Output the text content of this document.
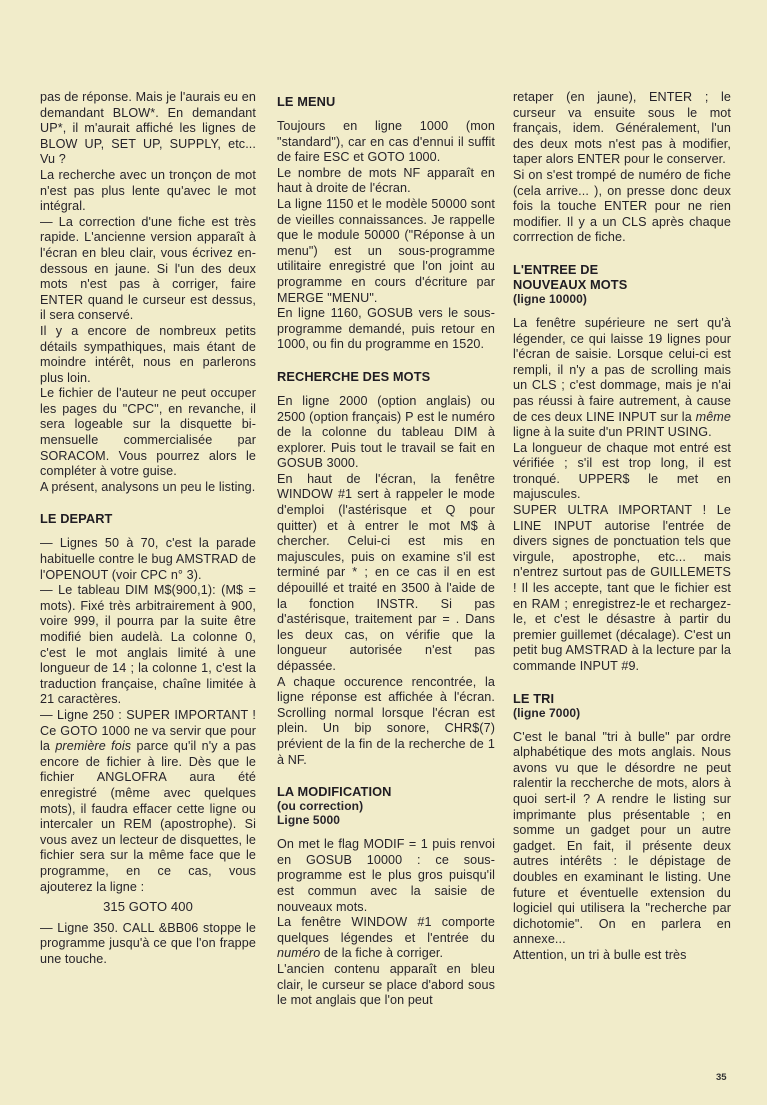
pas de réponse. Mais je l'aurais eu en demandant BLOW*. En demandant UP*, il m'aurait affiché les lignes de BLOW UP, SET UP, SUPPLY, etc... Vu ?

La recherche avec un tronçon de mot n'est pas plus lente qu'avec le mot intégral.

— La correction d'une fiche est très rapide. L'ancienne version apparaît à l'écran en bleu clair, vous écrivez en-dessous en jaune. Si l'un des deux mots n'est pas à corriger, faire ENTER quand le curseur est dessus, il sera conservé.

Il y a encore de nombreux petits détails sympathiques, mais étant de moindre intérêt, nous en parlerons plus loin.

Le fichier de l'auteur ne peut occuper les pages du "CPC", en revanche, il sera logeable sur la disquette bi-mensuelle commercialisée par SORACOM. Vous pourrez alors le compléter à votre guise.

A présent, analysons un peu le listing.

LE DEPART

— Lignes 50 à 70, c'est la parade habituelle contre le bug AMSTRAD de l'OPENOUT (voir CPC n° 3).

— Le tableau DIM M$(900,1): (M$ = mots). Fixé très arbitrairement à 900, voire 999, il pourra par la suite être modifié bien audelà. La colonne 0, c'est le mot anglais limité à une longueur de 14 ; la colonne 1, c'est la traduction française, chaîne limitée à 21 caractères.

— Ligne 250 : SUPER IMPORTANT ! Ce GOTO 1000 ne va servir que pour la première fois parce qu'il n'y a pas encore de fichier à lire. Dès que le fichier ANGLOFRA aura été enregistré (même avec quelques mots), il faudra effacer cette ligne ou intercaler un REM (apostrophe). Si vous avez un lecteur de disquettes, le fichier sera sur la même face que le programme, en ce cas, vous ajouterez la ligne :

315 GOTO 400

— Ligne 350. CALL &BB06 stoppe le programme jusqu'à ce que l'on frappe une touche.

LE MENU

Toujours en ligne 1000 (mon "standard"), car en cas d'ennui il suffit de faire ESC et GOTO 1000.

Le nombre de mots NF apparaît en haut à droite de l'écran.

La ligne 1150 et le modèle 50000 sont de vieilles connaissances. Je rappelle que le module 50000 ("Réponse à un menu") est un sous-programme utilitaire enregistré que l'on joint au programme en cours d'écriture par MERGE "MENU".

En ligne 1160, GOSUB vers le sous-programme demandé, puis retour en 1000, ou fin du programme en 1520.

RECHERCHE DES MOTS

En ligne 2000 (option anglais) ou 2500 (option français) P est le numéro de la colonne du tableau DIM à explorer. Puis tout le travail se fait en GOSUB 3000.

En haut de l'écran, la fenêtre WINDOW #1 sert à rappeler le mode d'emploi (l'astérisque et Q pour quitter) et à entrer le mot M$ à chercher. Celui-ci est mis en majuscules, puis on examine s'il est terminé par * ; en ce cas il en est dépouillé et traité en 3500 à l'aide de la fonction INSTR. Si pas d'astérisque, traitement par = . Dans les deux cas, on vérifie que la longueur autorisée n'est pas dépassée.

A chaque occurence rencontrée, la ligne réponse est affichée à l'écran. Scrolling normal lorsque l'écran est plein. Un bip sonore, CHR$(7) prévient de la fin de la recherche de 1 à NF.

LA MODIFICATION

(ou correction)

Ligne 5000

On met le flag MODIF = 1 puis renvoi en GOSUB 10000 : ce sous-programme est le plus gros puisqu'il est commun avec la saisie de nouveaux mots.

La fenêtre WINDOW #1 comporte quelques légendes et l'entrée du numéro de la fiche à corriger.

L'ancien contenu apparaît en bleu clair, le curseur se place d'abord sous le mot anglais que l'on peut

retaper (en jaune), ENTER ; le curseur va ensuite sous le mot français, idem. Généralement, l'un des deux mots n'est pas à modifier, taper alors ENTER pour le conserver.

Si on s'est trompé de numéro de fiche (cela arrive... ), on presse donc deux fois la touche ENTER pour ne rien modifier. Il y a un CLS après chaque corrrection de fiche.

L'ENTREE DE

NOUVEAUX MOTS

(ligne 10000)

La fenêtre supérieure ne sert qu'à légender, ce qui laisse 19 lignes pour l'écran de saisie. Lorsque celui-ci est rempli, il n'y a pas de scrolling mais un CLS ; c'est dommage, mais je n'ai pas réussi à faire autrement, à cause de ces deux LINE INPUT sur la même ligne à la suite d'un PRINT USING.

La longueur de chaque mot entré est vérifiée ; s'il est trop long, il est tronqué. UPPER$ le met en majuscules.

SUPER ULTRA IMPORTANT ! Le LINE INPUT autorise l'entrée de divers signes de ponctuation tels que virgule, apostrophe, etc... mais n'entrez surtout pas de GUILLEMETS ! Il les accepte, tant que le fichier est en RAM ; enregistrez-le et rechargez-le, et c'est le désastre à partir du premier guillemet (décalage). C'est un petit bug AMSTRAD à la lecture par la commande INPUT #9.

LE TRI

(ligne 7000)

C'est le banal "tri à bulle" par ordre alphabétique des mots anglais. Nous avons vu que le désordre ne peut ralentir la reccherche de mots, alors à quoi sert-il ? A rendre le listing sur imprimante plus présentable ; en somme un gadget pour un autre gadget. En fait, il présente deux autres intérêts : le dépistage de doubles en examinant le listing. Une future et éventuelle extension du logiciel qui utilisera la "recherche par dichotomie". On en parlera en annexe...

Attention, un tri à bulle est très

35
